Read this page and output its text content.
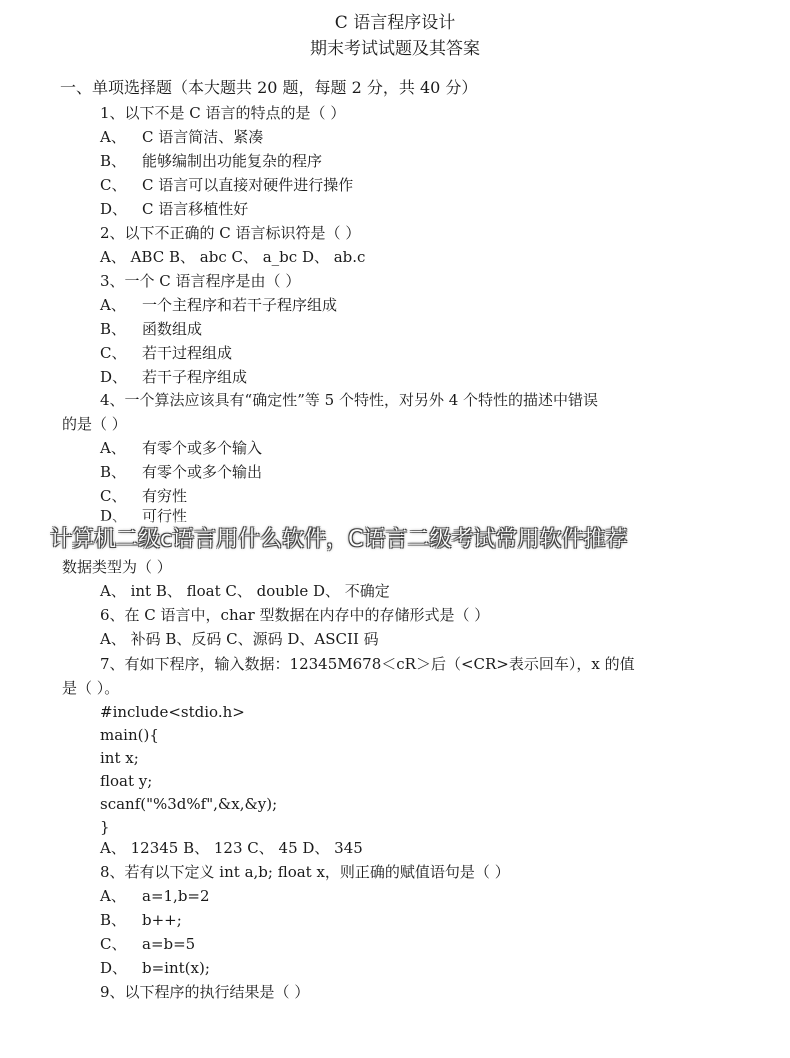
C 语言程序设计
期末考试试题及其答案
一、单项选择题（本大题共 20 题，每题 2 分，共 40 分）
1、以下不是 C 语言的特点的是（ ）
A、 C 语言简洁、紧凑
B、 能够编制出功能复杂的程序
C、 C 语言可以直接对硬件进行操作
D、 C 语言移植性好
2、以下不正确的 C 语言标识符是（ ）
A、 ABC B、 abc C、 a_bc D、 ab.c
3、一个 C 语言程序是由（ ）
A、 一个主程序和若干子程序组成
B、 函数组成
C、 若干过程组成
D、 若干子程序组成
4、一个算法应该具有“确定性”等 5 个特性，对另外 4 个特性的描述中错误
的是（ ）
A、 有零个或多个输入
B、 有零个或多个输出
C、 有穷性
D、 可行性
计算机二级c语言用什么软件，C语言二级考试常用软件推荐
数据类型为（ ）
A、 int B、 float C、 double D、 不确定
6、在 C 语言中，char 型数据在内存中的存储形式是（ ）
A、 补码 B、反码 C、源码 D、ASCII 码
7、有如下程序，输入数据：12345M678＜cR＞后（<CR>表示回车），x 的值
是（ ）。
#include<stdio.h>
main(){
int x;
float y;
scanf("%3d%f",&x,&y);
}
A、 12345 B、 123 C、 45 D、 345
8、若有以下定义 int a,b; float x，则正确的赋值语句是（ ）
A、 a=1,b=2
B、 b++;
C、 a=b=5
D、 b=int(x);
9、以下程序的执行结果是（ ）
